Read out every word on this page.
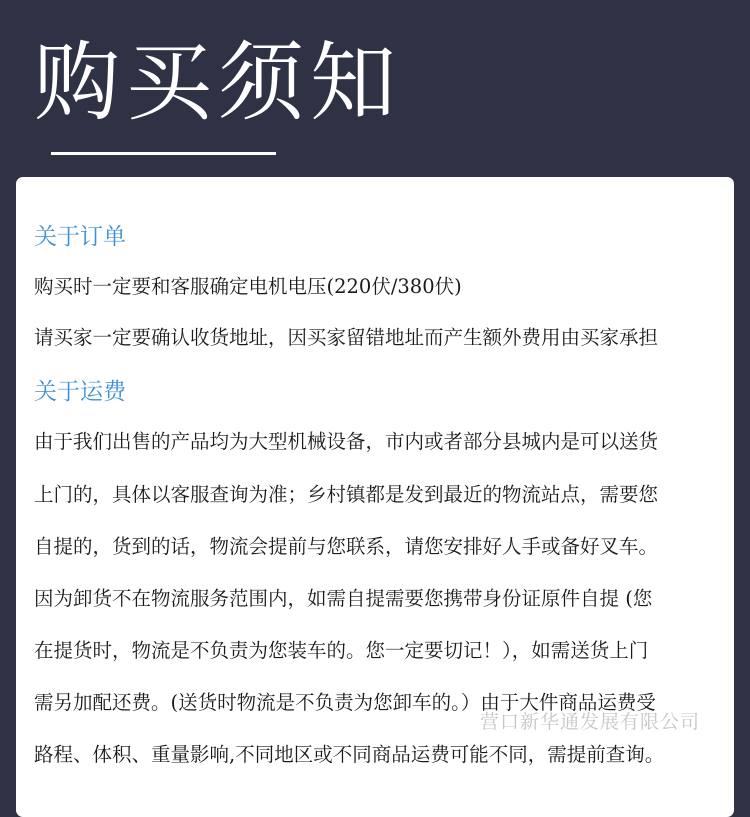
购买须知
关于订单
购买时一定要和客服确定电机电压(220伏/380伏)
请买家一定要确认收货地址，因买家留错地址而产生额外费用由买家承担
关于运费
由于我们出售的产品均为大型机械设备，市内或者部分县城内是可以送货
上门的，具体以客服查询为准；乡村镇都是发到最近的物流站点，需要您
自提的，货到的话，物流会提前与您联系，请您安排好人手或备好叉车。
因为卸货不在物流服务范围内，如需自提需要您携带身份证原件自提 (您
在提货时，物流是不负责为您装车的。您一定要切记！），如需送货上门
需另加配还费。(送货时物流是不负责为您卸车的。）由于大件商品运费受
路程、体积、重量影响,不同地区或不同商品运费可能不同，需提前查询。
营口新华通发展有限公司
